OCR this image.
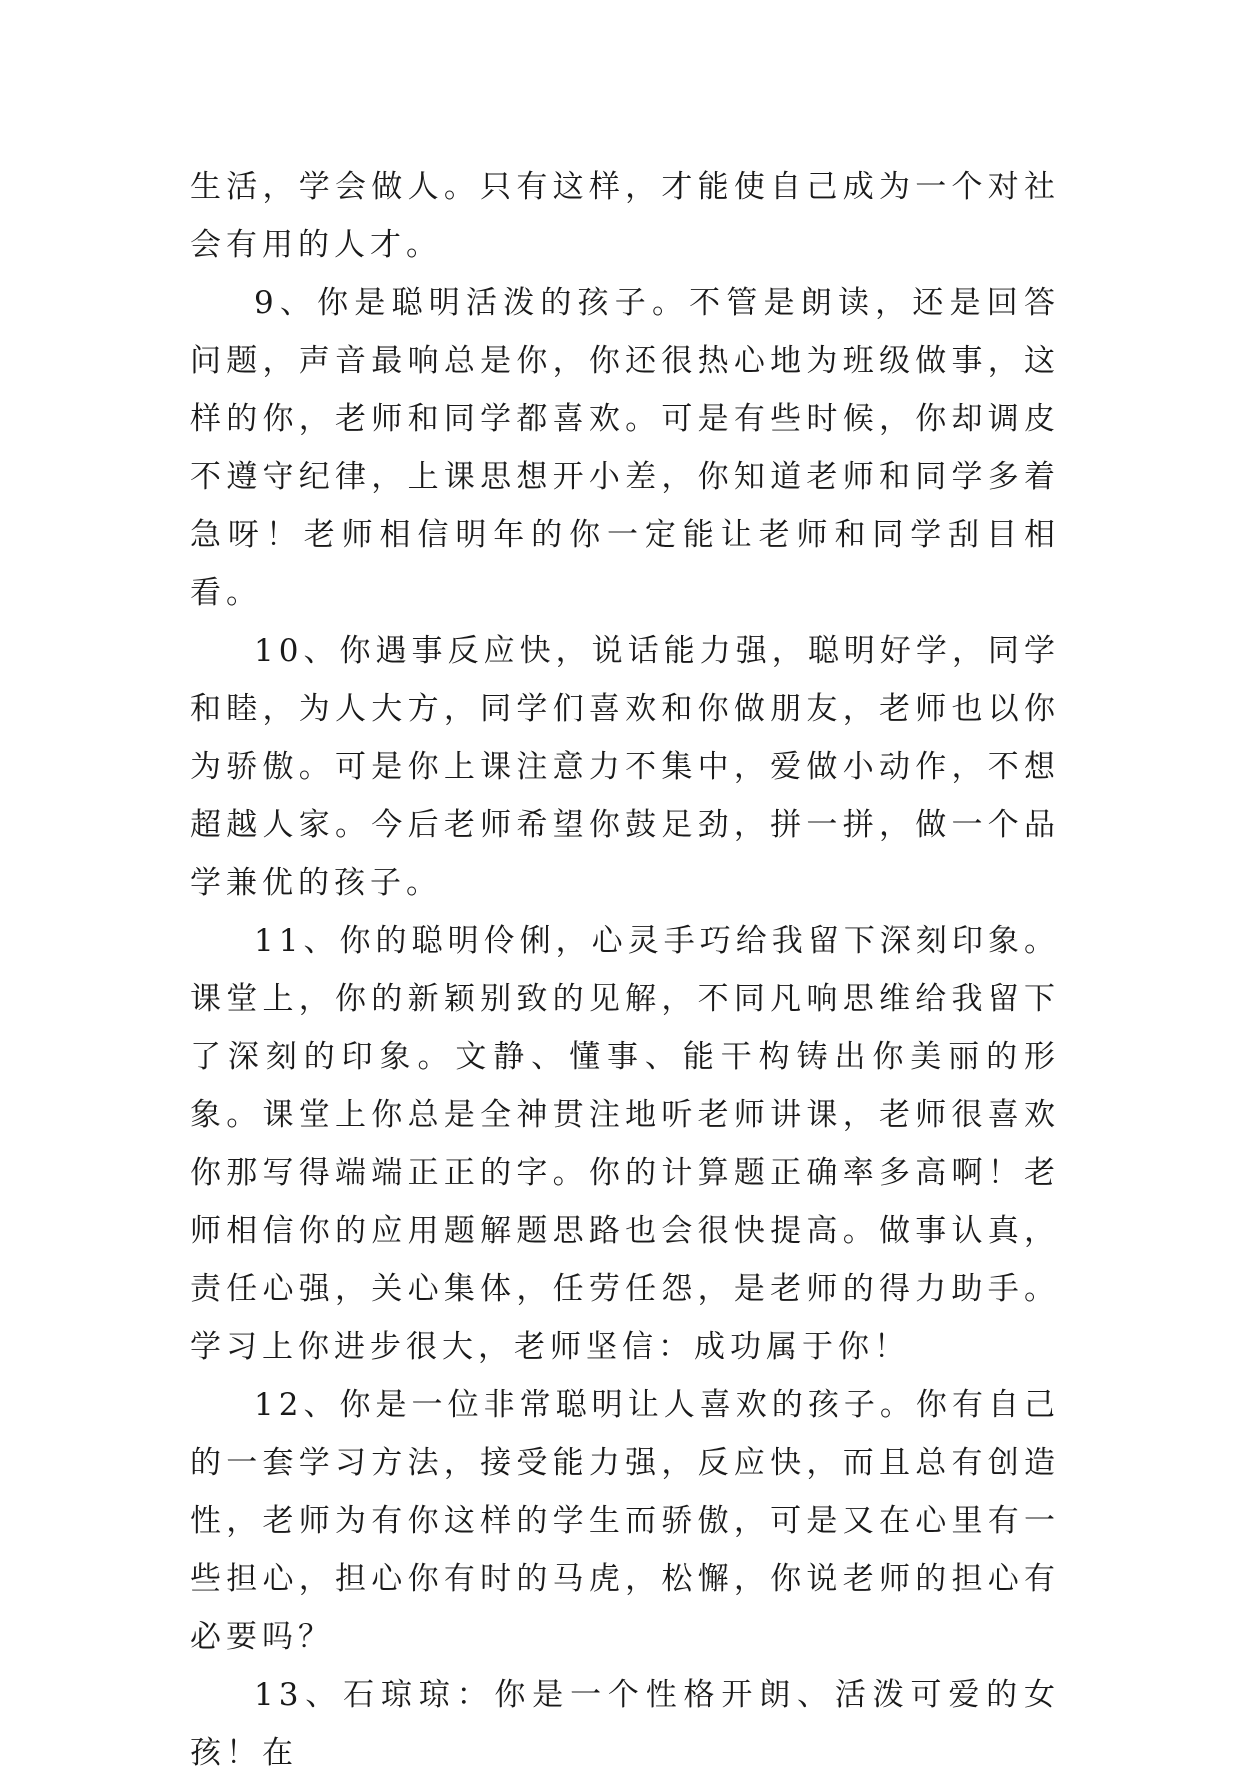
生活，学会做人。只有这样，才能使自己成为一个对社会有用的人才。

9、你是聪明活泼的孩子。不管是朗读，还是回答问题，声音最响总是你，你还很热心地为班级做事，这样的你，老师和同学都喜欢。可是有些时候，你却调皮不遵守纪律，上课思想开小差，你知道老师和同学多着急呀！老师相信明年的你一定能让老师和同学刮目相看。

10、你遇事反应快，说话能力强，聪明好学，同学和睦，为人大方，同学们喜欢和你做朋友，老师也以你为骄傲。可是你上课注意力不集中，爱做小动作，不想超越人家。今后老师希望你鼓足劲，拼一拼，做一个品学兼优的孩子。

11、你的聪明伶俐，心灵手巧给我留下深刻印象。课堂上，你的新颖别致的见解，不同凡响思维给我留下了深刻的印象。文静、懂事、能干构铸出你美丽的形象。课堂上你总是全神贯注地听老师讲课，老师很喜欢你那写得端端正正的字。你的计算题正确率多高啊！老师相信你的应用题解题思路也会很快提高。做事认真，责任心强，关心集体，任劳任怨，是老师的得力助手。学习上你进步很大，老师坚信：成功属于你！

12、你是一位非常聪明让人喜欢的孩子。你有自己的一套学习方法，接受能力强，反应快，而且总有创造性，老师为有你这样的学生而骄傲，可是又在心里有一些担心，担心你有时的马虎，松懈，你说老师的担心有必要吗？

13、石琼琼：你是一个性格开朗、活泼可爱的女孩！在
